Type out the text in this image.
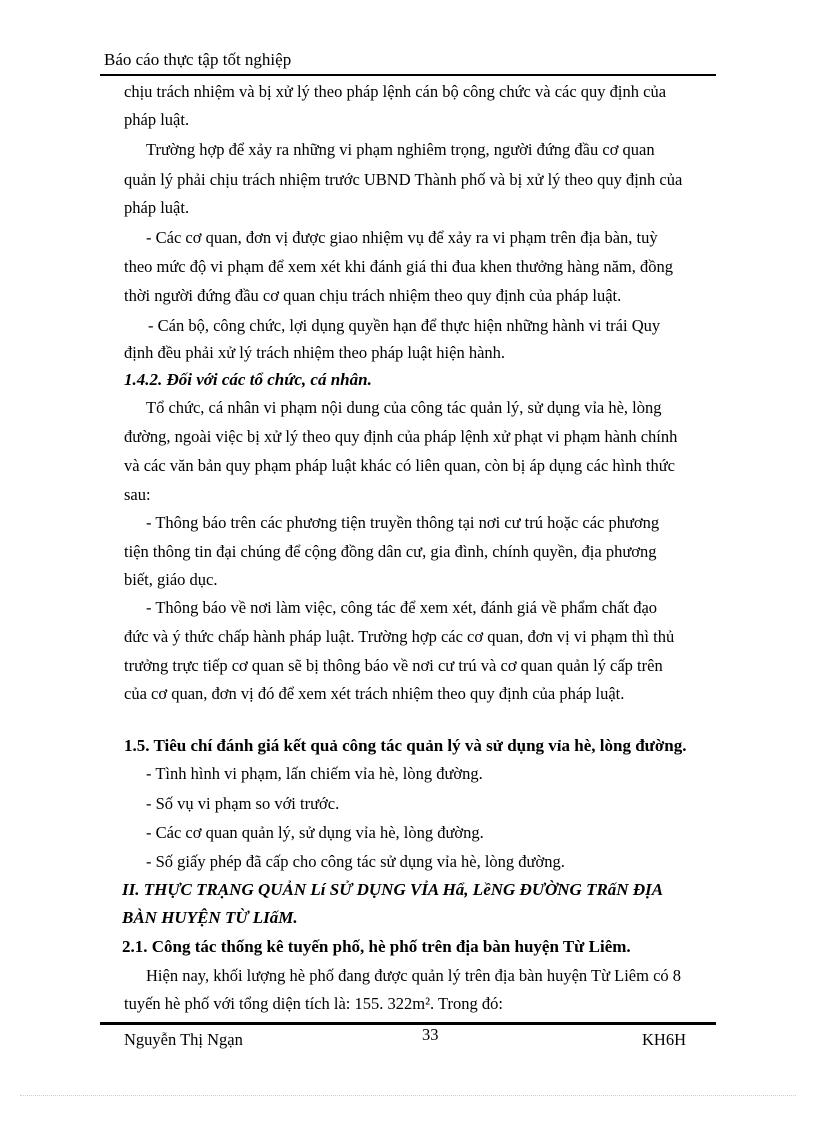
Báo cáo thực tập tốt nghiệp
chịu trách nhiệm và bị xử lý theo pháp lệnh cán bộ công chức và các quy định của
pháp luật.
Trường hợp để xảy ra những vi phạm nghiêm trọng, người đứng đầu cơ quan
quản lý phải chịu trách nhiệm trước UBND Thành phố và bị xử lý theo quy định của
pháp luật.
- Các cơ quan, đơn vị được giao nhiệm vụ để xảy ra vi phạm trên địa bàn, tuỳ
theo mức độ vi phạm để xem xét khi đánh giá thi đua khen thưởng hàng năm, đồng
thời người đứng đầu cơ quan chịu trách nhiệm theo quy định của pháp luật.
- Cán bộ, công chức, lợi dụng quyền hạn để thực hiện những hành vi trái Quy
định đều phải xử lý trách nhiệm theo pháp luật hiện hành.
1.4.2. Đối với các tổ chức, cá nhân.
Tổ chức, cá nhân vi phạm nội dung của công tác quản lý, sử dụng vỉa hè, lòng
đường, ngoài việc bị xử lý theo quy định của pháp lệnh xử phạt vi phạm hành chính
và các văn bản quy phạm pháp luật khác có liên quan, còn bị áp dụng các hình thức
sau:
- Thông báo trên các phương tiện truyền thông tại nơi cư trú hoặc các phương
tiện thông tin đại chúng để cộng đồng dân cư, gia đình, chính quyền, địa phương
biết, giáo dục.
- Thông báo về nơi làm việc, công tác để xem xét, đánh giá về phẩm chất đạo
đức và ý thức chấp hành pháp luật. Trường hợp các cơ quan, đơn vị vi phạm thì thủ
trưởng trực tiếp cơ quan sẽ bị thông báo về nơi cư trú và cơ quan quản lý cấp trên
của cơ quan, đơn vị đó để xem xét trách nhiệm theo quy định của pháp luật.
1.5. Tiêu chí đánh giá kết quả công tác quản lý và sử dụng vỉa hè, lòng đường.
- Tình hình vi phạm, lấn chiếm vỉa hè, lòng đường.
- Số vụ vi phạm so với trước.
- Các cơ quan quản lý, sử dụng vỉa hè, lòng đường.
- Số giấy phép đã cấp cho công tác sử dụng vỉa hè, lòng đường.
II. THỰC TRẠNG QUẢN Lí SỬ DỤNG VỈA Hẩ, LềNG ĐƯỜNG TRấN ĐỊA
BÀN HUYỆN TỪ LIấM.
2.1. Công tác thống kê tuyến phố, hè phố trên địa bàn huyện Từ Liêm.
Hiện nay, khối lượng hè phố đang được quản lý trên địa bàn huyện Từ Liêm có 8
tuyến hè phố với tổng diện tích là: 155. 322m². Trong đó:
Nguyễn Thị Ngạn	33	KH6H
